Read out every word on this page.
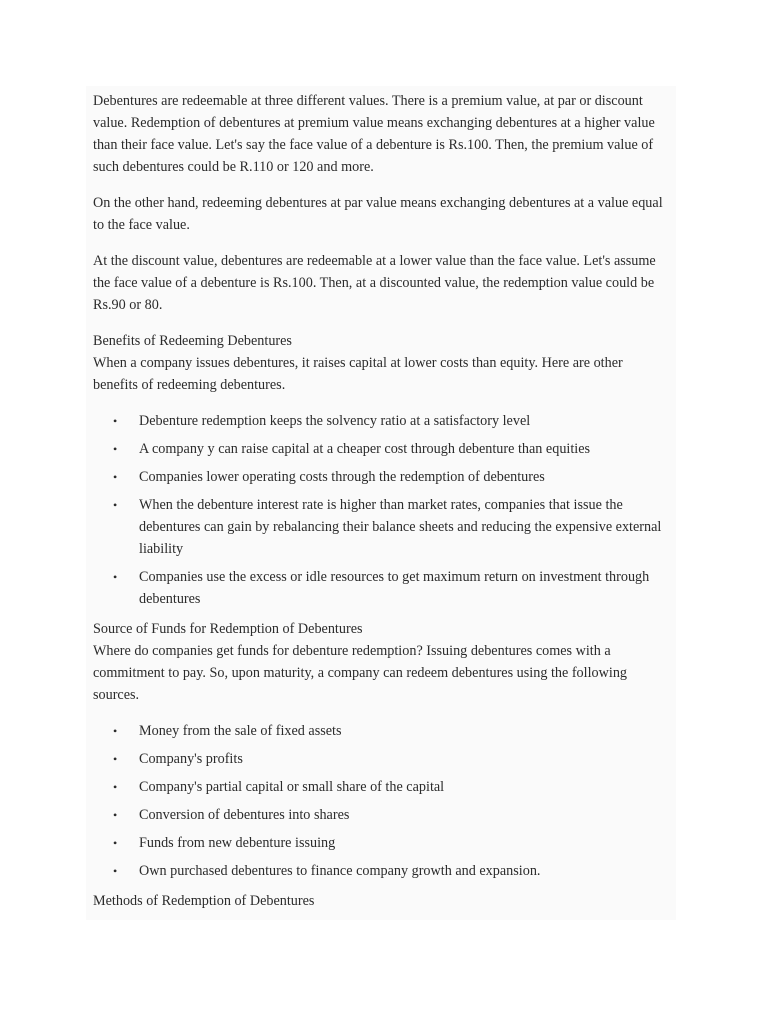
Debentures are redeemable at three different values. There is a premium value, at par or discount value. Redemption of debentures at premium value means exchanging debentures at a higher value than their face value. Let's say the face value of a debenture is Rs.100. Then, the premium value of such debentures could be R.110 or 120 and more.

On the other hand, redeeming debentures at par value means exchanging debentures at a value equal to the face value.

At the discount value, debentures are redeemable at a lower value than the face value. Let's assume the face value of a debenture is Rs.100. Then, at a discounted value, the redemption value could be Rs.90 or 80.

Benefits of Redeeming Debentures

When a company issues debentures, it raises capital at lower costs than equity. Here are other benefits of redeeming debentures.

• Debenture redemption keeps the solvency ratio at a satisfactory level
• A company y can raise capital at a cheaper cost through debenture than equities
• Companies lower operating costs through the redemption of debentures
• When the debenture interest rate is higher than market rates, companies that issue the debentures can gain by rebalancing their balance sheets and reducing the expensive external liability
• Companies use the excess or idle resources to get maximum return on investment through debentures

Source of Funds for Redemption of Debentures

Where do companies get funds for debenture redemption? Issuing debentures comes with a commitment to pay. So, upon maturity, a company can redeem debentures using the following sources.

• Money from the sale of fixed assets
• Company's profits
• Company's partial capital or small share of the capital
• Conversion of debentures into shares
• Funds from new debenture issuing
• Own purchased debentures to finance company growth and expansion.

Methods of Redemption of Debentures
